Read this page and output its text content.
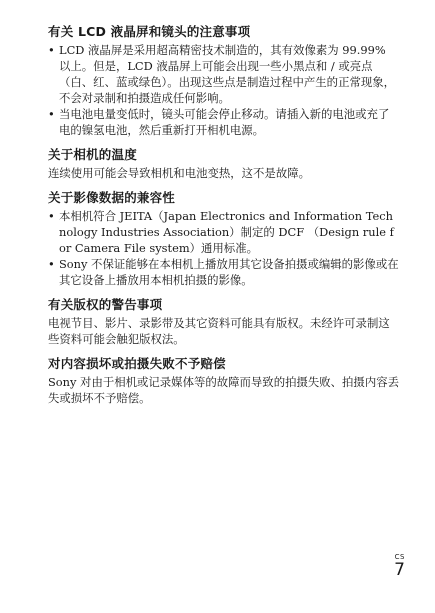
有关 LCD 液晶屏和镜头的注意事项
• LCD 液晶屏是采用超高精密技术制造的，其有效像素为 99.99% 以上。但是，LCD 液晶屏上可能会出现一些小黑点和 / 或亮点 （白、红、蓝或绿色）。出现这些点是制造过程中产生的正常现象，不会对录制和拍摄造成任何影响。
• 当电池电量变低时，镜头可能会停止移动。请插入新的电池或充了电的镍氢电池，然后重新打开相机电源。
关于相机的温度

连续使用可能会导致相机和电池变热，这不是故障。

关于影像数据的兼容性
• 本相机符合 JEITA（Japan Electronics and Information Technology Industries Association）制定的 DCF （Design rule for Camera File system）通用标准。
• Sony 不保证能够在本相机上播放用其它设备拍摄或编辑的影像或在其它设备上播放用本相机拍摄的影像。
有关版权的警告事项

电视节目、影片、录影带及其它资料可能具有版权。未经许可录制这些资料可能会触犯版权法。

对内容损坏或拍摄失败不予赔偿

Sony 对由于相机或记录媒体等的故障而导致的拍摄失败、拍摄内容丢失或损坏不予赔偿。

CS
7
